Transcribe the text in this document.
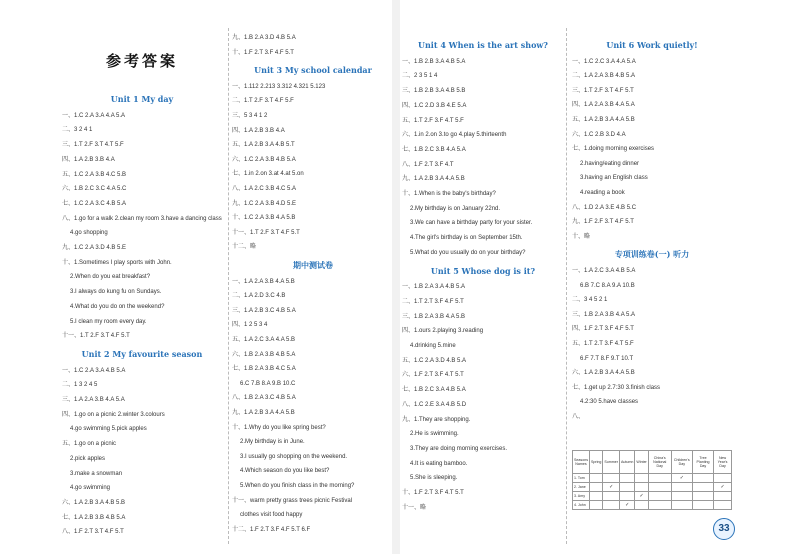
参考答案
Unit 1 My day
一、1.C 2.A 3.A 4.A 5.A
二、3 2 4 1
三、1.T 2.F 3.T 4.T 5.F
四、1.A 2.B 3.B 4.A
五、1.C 2.A 3.B 4.C 5.B
六、1.B 2.C 3.C 4.A 5.C
七、1.C 2.A 3.C 4.B 5.A
八、1.go for a walk 2.clean my room 3.have a dancing class
4.go shopping
九、1.C 2.A 3.D 4.B 5.E
十、1.Sometimes I play sports with John.
2.When do you eat breakfast?
3.I always do kung fu on Sundays.
4.What do you do on the weekend?
5.I clean my room every day.
十一、1.T 2.F 3.T 4.F 5.T
Unit 2 My favourite season
一、1.C 2.A 3.A 4.B 5.A
二、1 3 2 4 5
三、1.A 2.A 3.B 4.A 5.A
四、1.go on a picnic 2.winter 3.colours
4.go swimming 5.pick apples
五、1.go on a picnic
2.pick apples
3.make a snowman
4.go swimming
六、1.A 2.B 3.A 4.B 5.B
七、1.A 2.B 3.B 4.B 5.A
八、1.F 2.T 3.T 4.F 5.T
九、1.B 2.A 3.D 4.B 5.A
十、1.F 2.T 3.F 4.F 5.T
Unit 3 My school calendar
一、1.112 2.213 3.312 4.321 5.123
二、1.T 2.F 3.T 4.F 5.F
三、5 3 4 1 2
四、1.A 2.B 3.B 4.A
五、1.A 2.B 3.A 4.B 5.T
六、1.C 2.A 3.B 4.B 5.A
七、1.in 2.on 3.at 4.at 5.on
八、1.A 2.C 3.B 4.C 5.A
九、1.C 2.A 3.B 4.D 5.E
十、1.C 2.A 3.B 4.A 5.B
十一、1.T 2.F 3.T 4.F 5.T
十二、略
期中测试卷
一、1.A 2.A 3.B 4.A 5.B
二、1.A 2.D 3.C 4.B
三、1.A 2.B 3.C 4.B 5.A
四、1 2 5 3 4
五、1.A 2.C 3.A 4.A 5.B
六、1.B 2.A 3.B 4.B 5.A
七、1.B 2.A 3.B 4.C 5.A
6.C 7.B 8.A 9.B 10.C
八、1.B 2.A 3.C 4.B 5.A
九、1.A 2.B 3.A 4.A 5.B
十、1.Why do you like spring best?
2.My birthday is in June.
3.I usually go shopping on the weekend.
4.Which season do you like best?
5.When do you finish class in the morning?
十一、warm pretty grass trees picnic Festival
clothes visit food happy
十二、1.F 2.T 3.F 4.F 5.T 6.F
Unit 4 When is the art show?
一、1.B 2.B 3.A 4.B 5.A
二、2 3 5 1 4
三、1.B 2.B 3.A 4.B 5.B
四、1.C 2.D 3.B 4.E 5.A
五、1.T 2.F 3.F 4.T 5.F
六、1.in 2.on 3.to go 4.play 5.thirteenth
七、1.B 2.C 3.B 4.A 5.A
八、1.F 2.T 3.F 4.T
九、1.A 2.B 3.A 4.A 5.B
十、1.When is the baby's birthday?
2.My birthday is on January 22nd.
3.We can have a birthday party for your sister.
4.The girl's birthday is on September 15th.
5.What do you usually do on your birthday?
Unit 5 Whose dog is it?
一、1.B 2.A 3.A 4.B 5.A
二、1.T 2.T 3.F 4.F 5.T
三、1.B 2.A 3.B 4.A 5.B
四、1.ours 2.playing 3.reading
4.drinking 5.mine
五、1.C 2.A 3.D 4.B 5.A
六、1.F 2.T 3.F 4.T 5.T
七、1.B 2.C 3.A 4.B 5.A
八、1.C 2.E 3.A 4.B 5.D
九、1.They are shopping.
2.He is swimming.
3.They are doing morning exercises.
4.It is eating bamboo.
5.She is sleeping.
十、1.F 2.T 3.F 4.T 5.T
十一、略
Seasons
Names	Spring	Summer	Autumn	Winter	China's National Day	Children's Day	Tree Planting Day	New Year's Day
1. Tom						✓		
2. Jane		✓						✓
3. Amy				✓				
4. John			✓					
Unit 6 Work quietly!
一、1.C 2.C 3.A 4.A 5.A
二、1.A 2.A 3.B 4.B 5.A
三、1.T 2.F 3.T 4.F 5.T
四、1.A 2.A 3.B 4.A 5.A
五、1.A 2.B 3.A 4.A 5.B
六、1.C 2.B 3.D 4.A
七、1.doing morning exercises
2.having/eating dinner
3.having an English class
4.reading a book
八、1.D 2.A 3.E 4.B 5.C
九、1.F 2.F 3.T 4.F 5.T
十、略
专项训练卷(一) 听力
一、1.A 2.C 3.A 4.B 5.A
6.B 7.C 8.A 9.A 10.B
二、3 4 5 2 1
三、1.B 2.A 3.B 4.A 5.A
四、1.F 2.T 3.F 4.F 5.T
五、1.T 2.T 3.F 4.T 5.F
6.F 7.T 8.F 9.T 10.T
六、1.A 2.B 3.A 4.A 5.B
七、1.get up 2.7:30 3.finish class
4.2:30 5.have classes
八、
33
